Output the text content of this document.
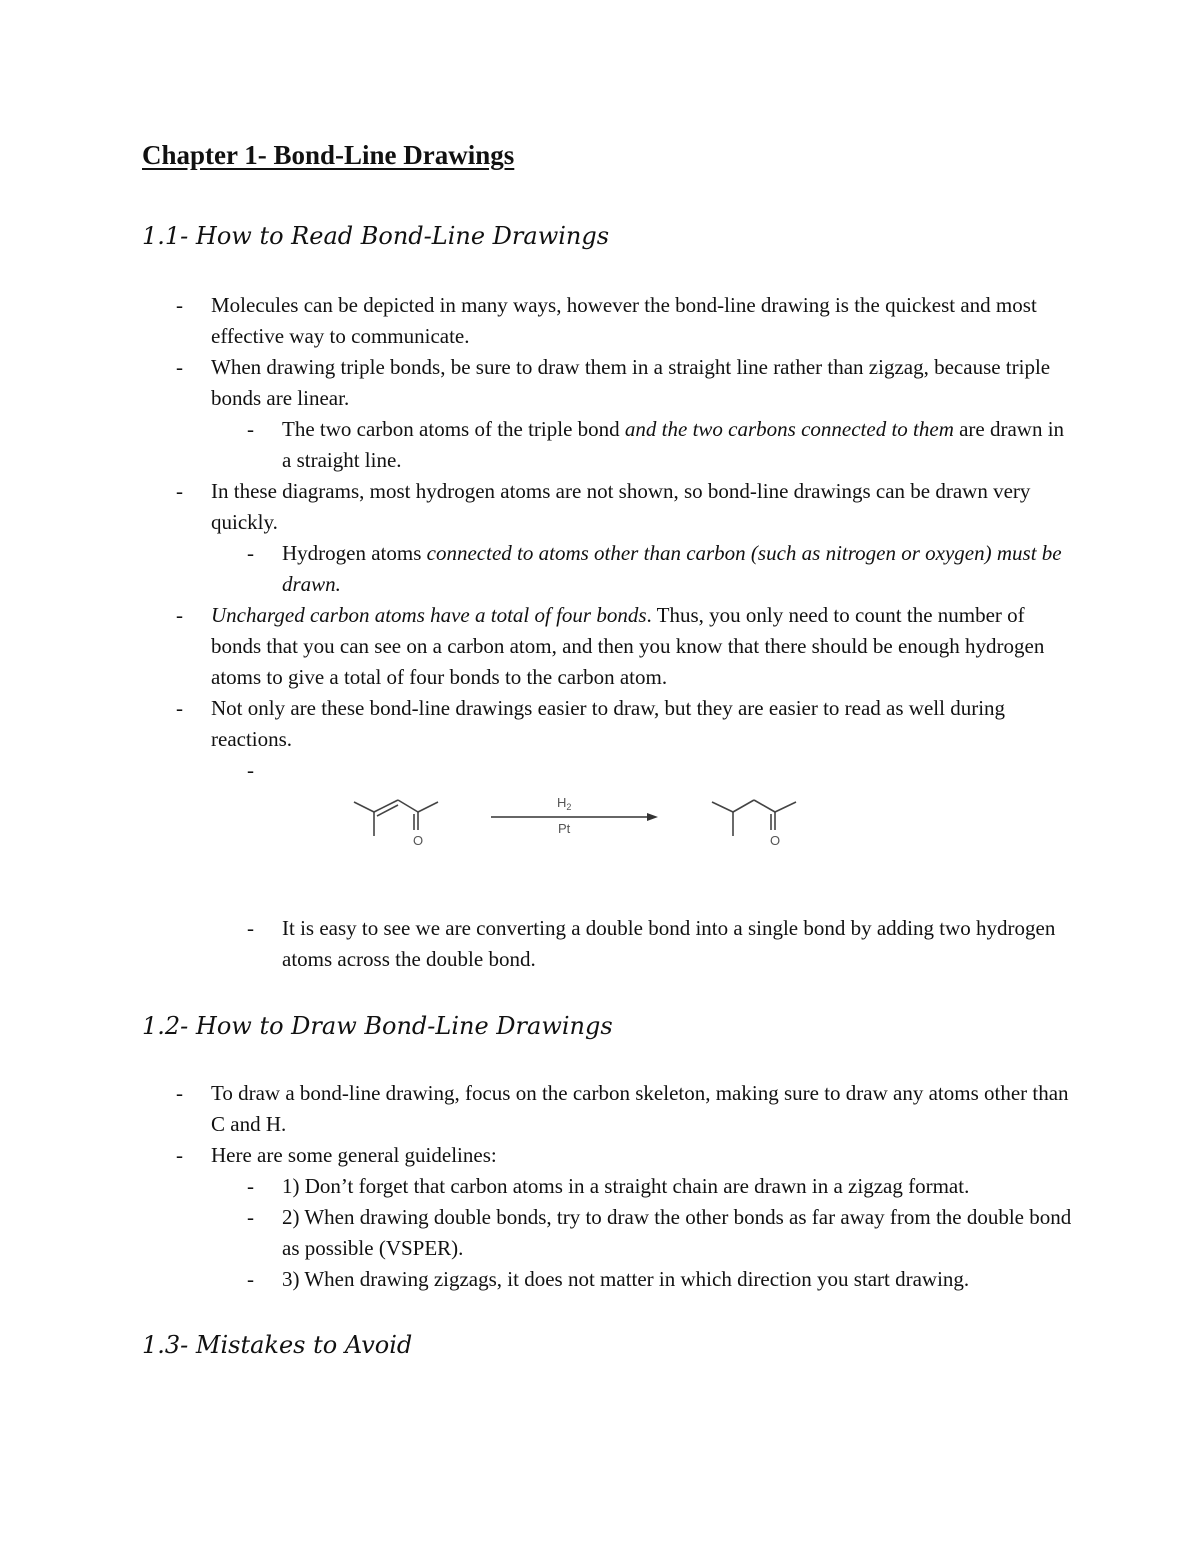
Chapter 1- Bond-Line Drawings
1.1- How to Read Bond-Line Drawings
- Molecules can be depicted in many ways, however the bond-line drawing is the quickest and most effective way to communicate.
- When drawing triple bonds, be sure to draw them in a straight line rather than zigzag, because triple bonds are linear.
- The two carbon atoms of the triple bond and the two carbons connected to them are drawn in a straight line.
- In these diagrams, most hydrogen atoms are not shown, so bond-line drawings can be drawn very quickly.
- Hydrogen atoms connected to atoms other than carbon (such as nitrogen or oxygen) must be drawn.
- Uncharged carbon atoms have a total of four bonds. Thus, you only need to count the number of bonds that you can see on a carbon atom, and then you know that there should be enough hydrogen atoms to give a total of four bonds to the carbon atom.
- Not only are these bond-line drawings easier to draw, but they are easier to read as well during reactions.
-

O
$H_2$
Pt
O
- It is easy to see we are converting a double bond into a single bond by adding two hydrogen atoms across the double bond.
1.2- How to Draw Bond-Line Drawings
- To draw a bond-line drawing, focus on the carbon skeleton, making sure to draw any atoms other than C and H.
- Here are some general guidelines:
- 1) Don’t forget that carbon atoms in a straight chain are drawn in a zigzag format.
- 2) When drawing double bonds, try to draw the other bonds as far away from the double bond as possible (VSPER).
- 3) When drawing zigzags, it does not matter in which direction you start drawing.
1.3- Mistakes to Avoid
